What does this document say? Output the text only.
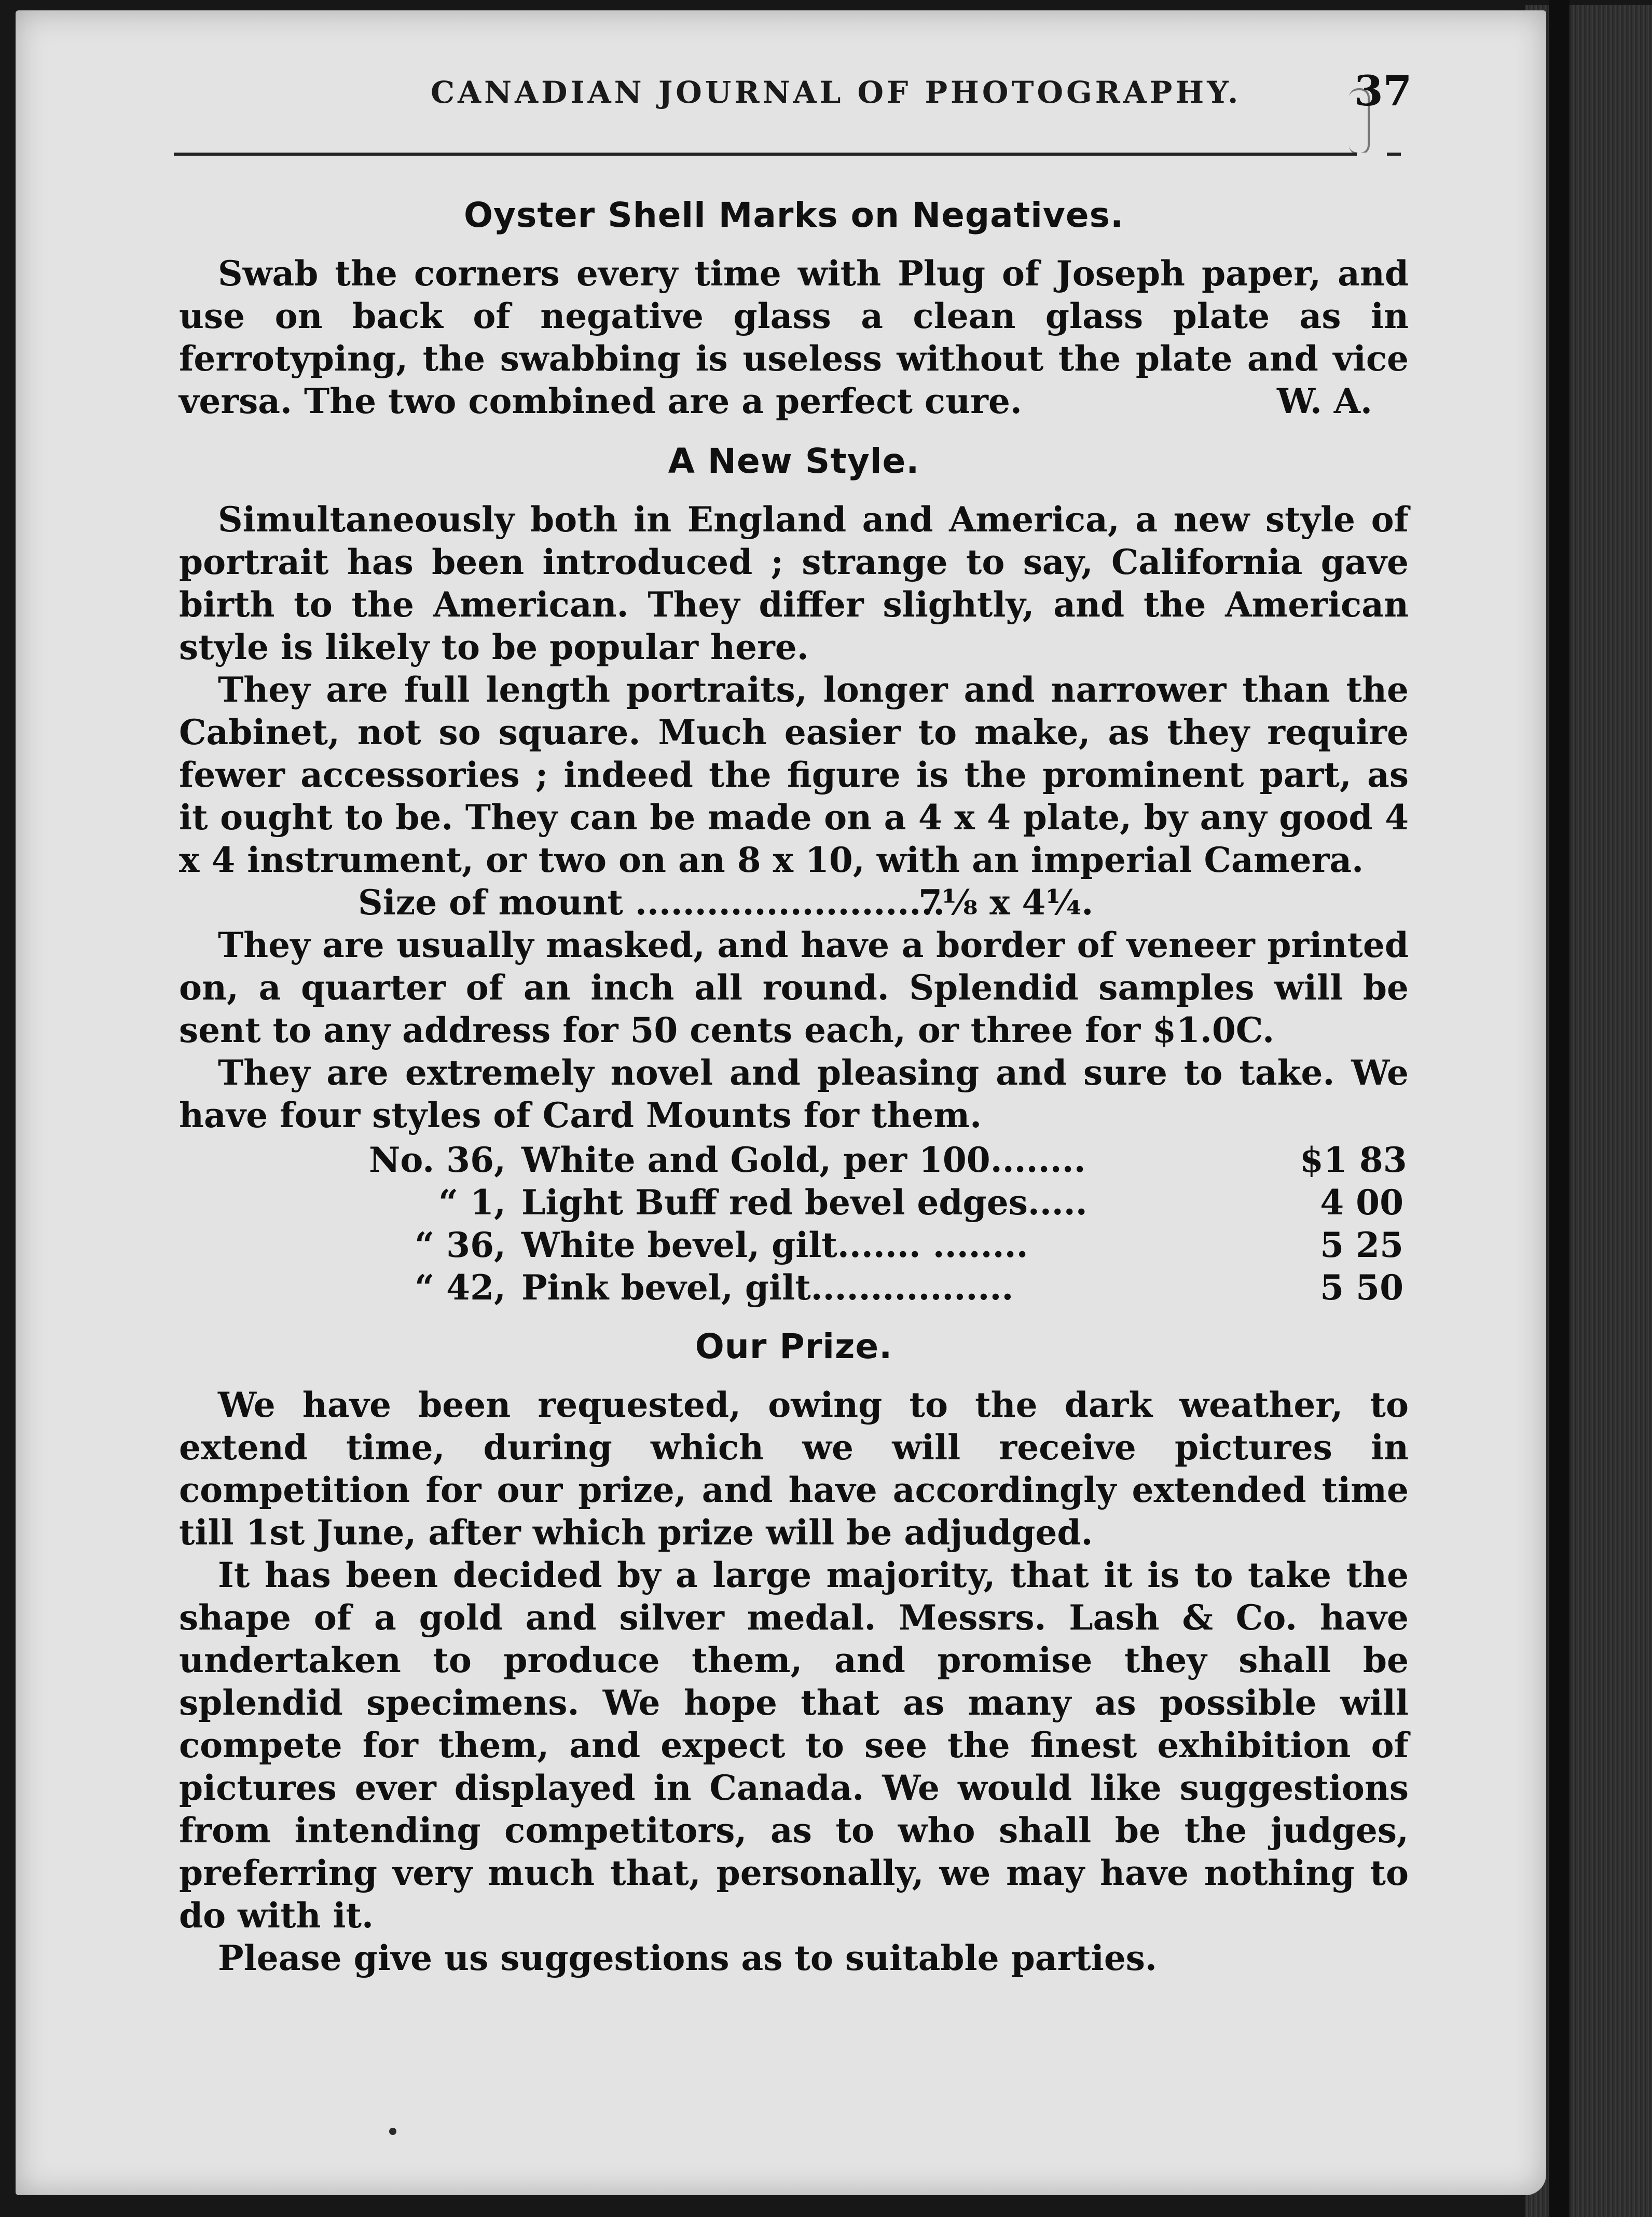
CANADIAN JOURNAL OF PHOTOGRAPHY.	37
Oyster Shell Marks on Negatives.

Swab the corners every time with Plug of Joseph paper, and use on back of negative glass a clean glass plate as in ferrotyping, the swabbing is useless without the plate and vice versa. The two combined are a perfect cure.	W. A.
A New Style.

Simultaneously both in England and America, a new style of portrait has been introduced ; strange to say, California gave birth to the American. They differ slightly, and the American style is likely to be popular here.

They are full length portraits, longer and narrower than the Cabinet, not so square. Much easier to make, as they require fewer accessories ; indeed the figure is the prominent part, as it ought to be. They can be made on a 4 x 4 plate, by any good 4 x 4 instrument, or two on an 8 x 10, with an imperial Camera.

Size of mount ..........................7⅛ x 4¼.

They are usually masked, and have a border of veneer printed on, a quarter of an inch all round. Splendid samples will be sent to any address for 50 cents each, or three for $1.0C.

They are extremely novel and pleasing and sure to take. We have four styles of Card Mounts for them.

No. 36, White and Gold, per 100........	$1 83
“ 1, Light Buff red bevel edges.....	4 00
“ 36, White bevel, gilt....... ........	5 25
“ 42, Pink bevel, gilt.................	5 50
Our Prize.

We have been requested, owing to the dark weather, to extend time, during which we will receive pictures in competition for our prize, and have accordingly extended time till 1st June, after which prize will be adjudged.

It has been decided by a large majority, that it is to take the shape of a gold and silver medal. Messrs. Lash & Co. have undertaken to produce them, and promise they shall be splendid specimens. We hope that as many as possible will compete for them, and expect to see the finest exhibition of pictures ever displayed in Canada. We would like suggestions from intending competitors, as to who shall be the judges, preferring very much that, personally, we may have nothing to do with it.

Please give us suggestions as to suitable parties.
